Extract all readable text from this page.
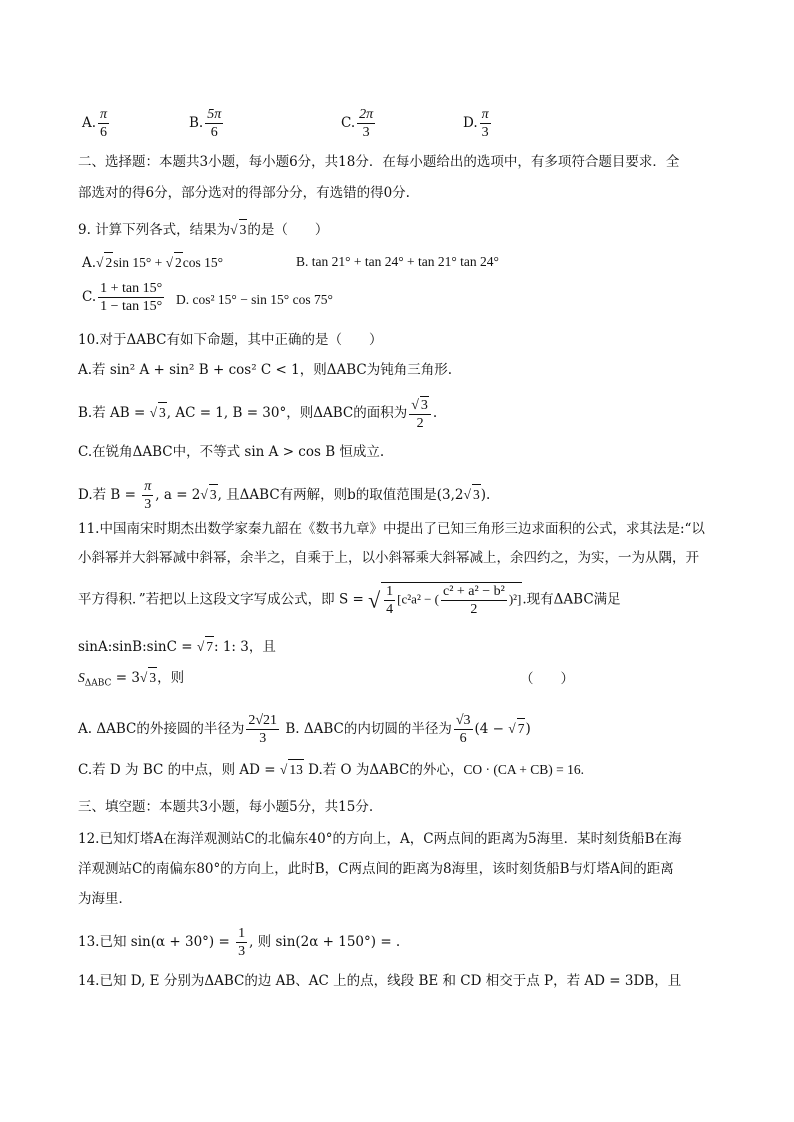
A. $\frac{\pi}{6}$	B. $\frac{5\pi}{6}$	C. $\frac{2\pi}{3}$	D. $\frac{\pi}{3}$
二、选择题：本题共3小题，每小题6分，共18分．在每小题给出的选项中，有多项符合题目要求．全
部选对的得6分，部分选对的得部分分，有选错的得0分.
9. 计算下列各式，结果为√ 3的是（　　）
A.√ 2sin 15° + √ 2cos 15°	B. tan 21° + tan 24° + tan 21° tan 24°
C. $\frac{1 + \tan 15^\circ}{1 - \tan 15^\circ} D$. cos² 15° − sin 15° cos 75°
10.对于ΔABC有如下命题，其中正确的是（　　）
A.若 sin² A + sin² B + cos² C < 1，则ΔABC为钝角三角形.
B.若 AB = √ 3, AC = 1, B = 30°，则ΔABC的面积为 $\frac{√ 3}{2}$ .
C.在锐角ΔABC中，不等式 sin A > cos B 恒成立.
D.若 $B = \frac{\pi}{3}$ , a = 2√ 3, 且ΔABC有两解，则b的取值范围是(3,2√ 3).
11.中国南宋时期杰出数学家秦九韶在《数书九章》中提出了已知三角形三边求面积的公式，求其法是:“以
小斜幂并大斜幂减中斜幂，余半之，自乘于上，以小斜幂乘大斜幂减上，余四约之，为实，一为从隅，开
平方得积．”若把以上这段文字写成公式，即 S = √ $\frac{1}{4} [c^2a^2$ − ( $\frac{\text{c² + a² − b²}}{2} )^2$].现有ΔABC满足
sinA:sinB:sinC = √ 7: 1: 3，且
$S_{\Delta ABC} = 3√$ 3，则	（　　）
A. ΔABC的外接圆的半径为 $\frac{2√21}{3} B$. ΔABC的内切圆的半径为 $\frac{√3}{6} (4$ − √ 7)
C.若 D 为 BC 的中点，则 AD = √ 13 D.若 O 为ΔABC的外心，CO · (CA + CB) = 16.
三、填空题：本题共3小题，每小题5分，共15分.
12.已知灯塔A在海洋观测站C的北偏东40°的方向上，A，C两点间的距离为5海里．某时刻货船B在海
洋观测站C的南偏东80°的方向上，此时B，C两点间的距离为8海里，该时刻货船B与灯塔A间的距离
为海里．
13.已知 $\sin(\alpha + 30^\circ) = \frac{1}{3}$ , 则 sin(2α + 150°) = .
14.已知 D, E 分别为ΔABC的边 AB、AC 上的点，线段 BE 和 CD 相交于点 P，若 AD = 3DB，且
